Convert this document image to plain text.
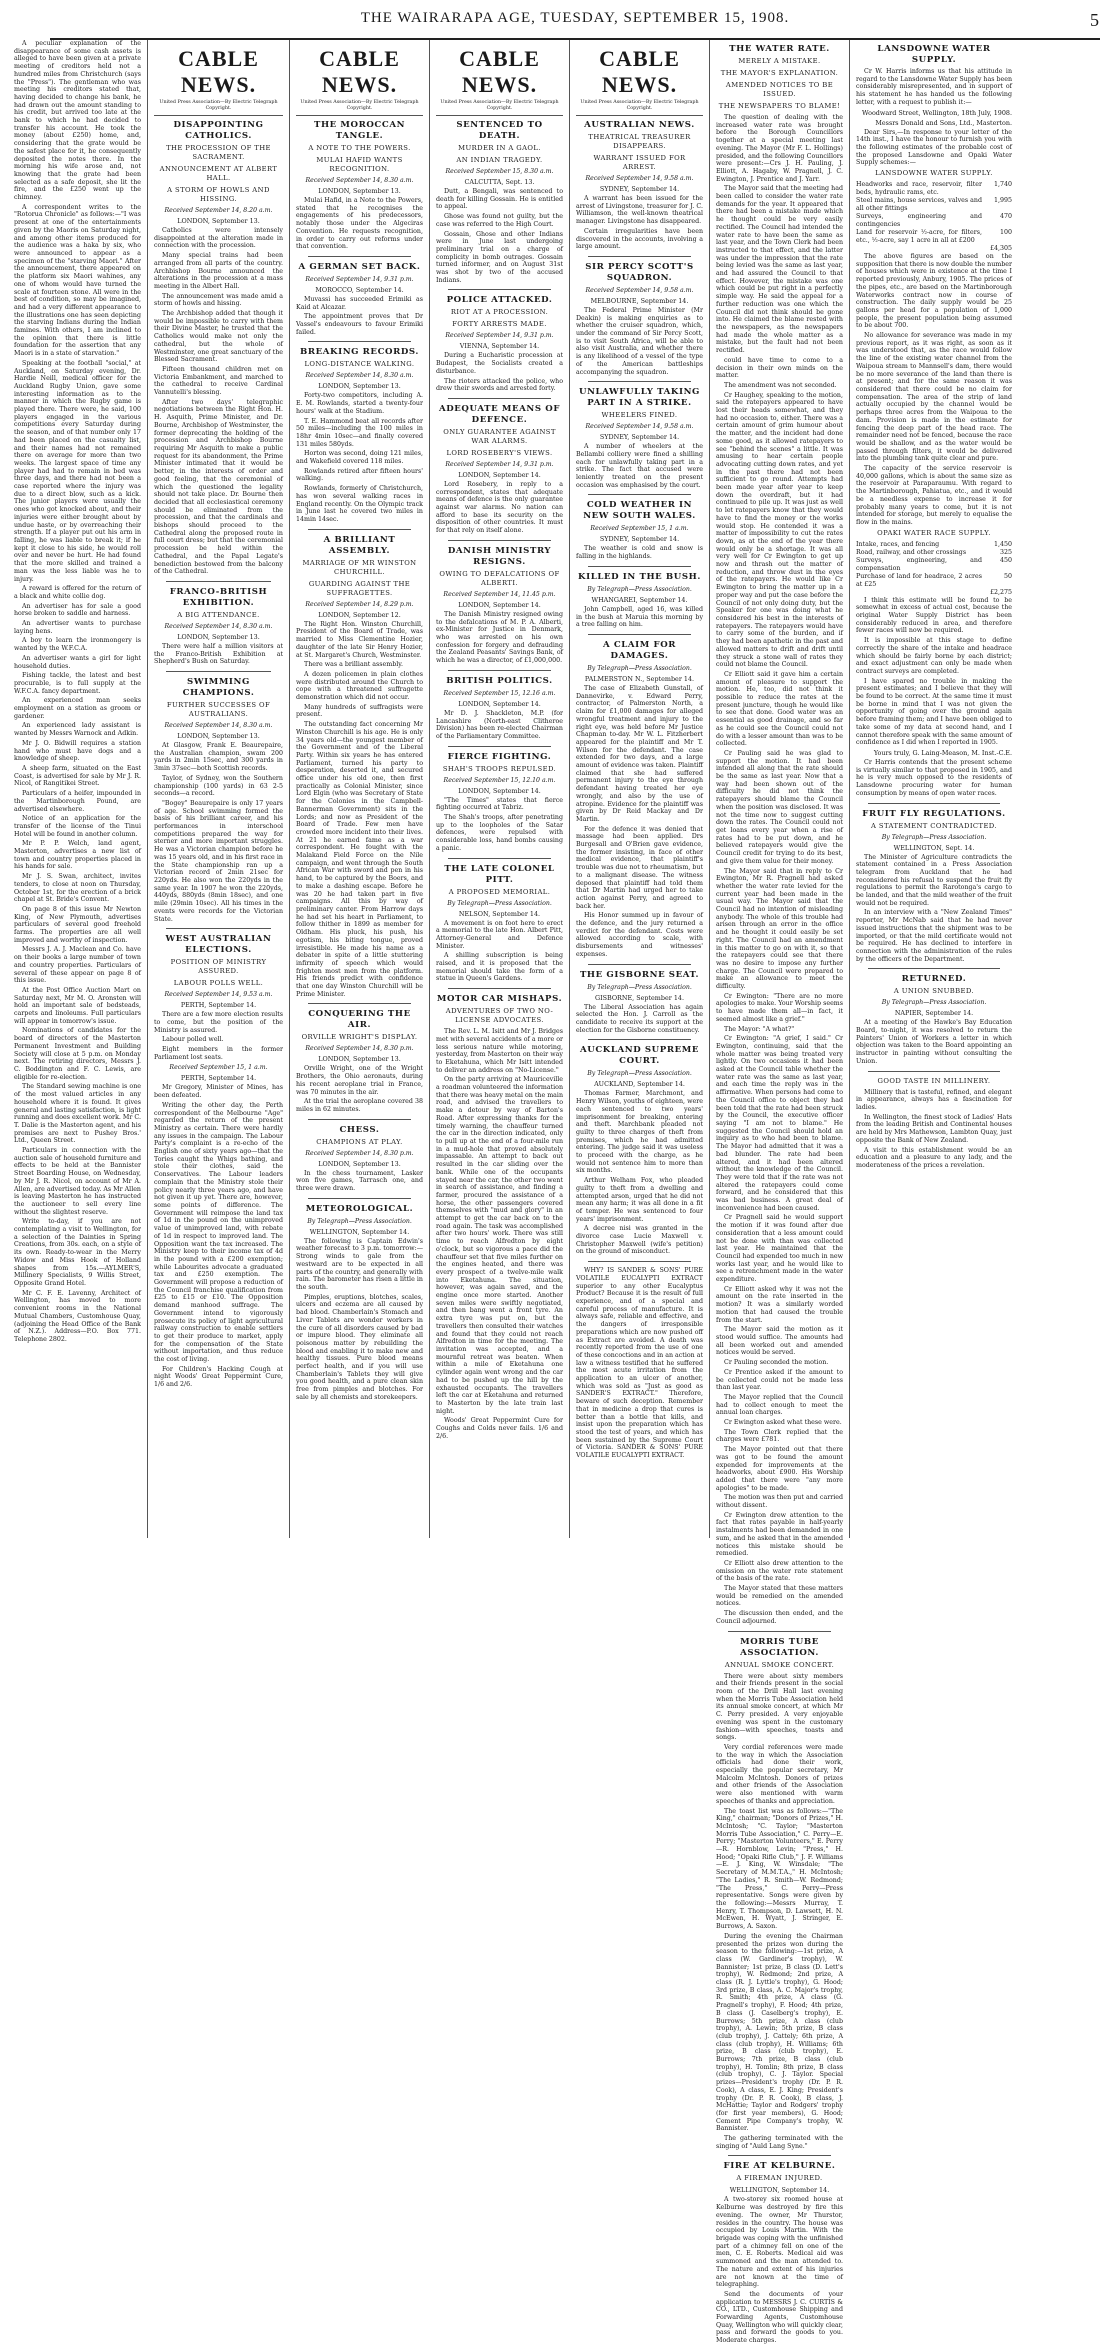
THE WAIRARAPA AGE, TUESDAY, SEPTEMBER 15, 1908.	5

A peculiar explanation of the disappearance of some cash assets is alleged to have been given at a private meeting of creditors held not a hundred miles from Christchurch (says the "Press"). The gentleman who was meeting his creditors stated that, having decided to change his bank, he had drawn out the amount standing to his credit, but arrived too late at the bank to which he had decided to transfer his account. He took the money (about £250) home, and, considering that the grate would be the safest place for it, he consequently deposited the notes there. In the morning his wife arose and, not knowing that the grate had been selected as a safe deposit, she lit the fire, and the £250 went up the chimney.

A correspondent writes to the "Rotorua Chronicle" as follows:—"I was present at one of the entertainments given by the Maoris on Saturday night, and among other items produced for the audience was a haka by six, who were announced to appear as a specimen of the "starving Maori." After the announcement, there appeared on the platform six Maori wahines, any one of whom would have turned the scale at fourteen stone. All were in the best of condition, so may be imagined, and had a very different appearance to the illustrations one has seen depicting the starving Indians during the Indian famines. With others, I am inclined to the opinion that there is little foundation for the assertion that any Maori is in a state of starvation."

Speaking at the football "social," at Auckland, on Saturday evening, Dr. Hardie Neill, medical officer for the Auckland Rugby Union, gave some interesting information as to the manner in which the Rugby game is played there. There were, he said, 100 players engaged in the various competitions every Saturday during the season, and of that number only 17 had been placed on the casualty list, and their names had not remained there on average for more than two weeks. The largest space of time any player had had to remain in bed was three days, and there had not been a case reported where the injury was due to a direct blow, such as a kick. The junior players were usually the ones who got knocked about, and their injuries were either brought about by undue haste, or by overreaching their strength. If a player put out his arm in falling, he was liable to break it; if he kept it close to his side, he would roll over and never be hurt. He had found that the more skilled and trained a man was the less liable was he to injury.

A reward is offered for the return of a black and white collie dog.

An advertiser has for sale a good horse broken to saddle and harness.

An advertiser wants to purchase laying hens.

A boy to learn the ironmongery is wanted by the W.F.C.A.

An advertiser wants a girl for light household duties.

Fishing tackle, the latest and best procurable, is to full supply at the W.F.C.A. fancy department.

An experienced man seeks employment on a station as groom or gardener.

An experienced lady assistant is wanted by Messrs Warnock and Adkin.

Mr J. O. Bidwill requires a station hand who must have dogs and a knowledge of sheep.

A sheep farm, situated on the East Coast, is advertised for sale by Mr J. R. Nicol, of Rangitikei Street.

Particulars of a heifer, impounded in the Martinborough Pound, are advertised elsewhere.

Notice of an application for the transfer of the license of the Tinui Hotel will be found in another column.

Mr P. P. Welch, land agent, Masterton, advertises a new list of town and country properties placed in his hands for sale.

Mr J. S. Swan, architect, invites tenders, to close at noon on Thursday, October 1st, for the erection of a brick chapel at St. Bride's Convent.

On page 8 of this issue Mr Newton King, of New Plymouth, advertises particulars of several good freehold farms. The properties are all well improved and worthy of inspection.

Messrs J. A. J. Maclean and Co. have on their books a large number of town and country properties. Particulars of several of these appear on page 8 of this issue.

At the Post Office Auction Mart on Saturday next, Mr M. O. Aronsten will hold an important sale of bedsteads, carpets and linoleums. Full particulars will appear in tomorrow's issue.

Nominations of candidates for the board of directors of the Masterton Permanent Investment and Building Society will close at 5 p.m. on Monday next. The retiring directors, Messrs J. C. Boddington and F. C. Lewis, are eligible for re-election.

The Standard sewing machine is one of the most valued articles in any household where it is found. It gives general and lasting satisfaction, is light running and does excellent work. Mr C. T. Dalie is the Masterton agent, and his premises are next to Pushey Bros.' Ltd., Queen Street.

Particulars in connection with the auction sale of household furniture and effects to be held at the Bannister Street Boarding House, on Wednesday, by Mr J. R. Nicol, on account of Mr A. Allen, are advertised today. As Mr Allen is leaving Masterton he has instructed the auctioneer to sell every line without the slightest reserve.

Write to-day, if you are not contemplating a visit to Wellington, for a selection of the Dainties in Spring Creations, from 30s. each, on a style of its own. Ready-to-wear in the Merry Widow and Miss Hook of Holland shapes from 15s.—AYLMER'S, Millinery Specialists, 9 Willis Street, Opposite Grand Hotel.

Mr C. F. E. Lavenny, Architect of Wellington, has moved to more convenient rooms in the National Mutual Chambers, Customhouse Quay, (adjoining the Head Office of the Bank of N.Z.). Address—P.O. Box 771. Telephone 2802.

CABLE NEWS.
United Press Association—By Electric Telegraph Copyright.
DISAPPOINTING CATHOLICS.
THE PROCESSION OF THE SACRAMENT.
ANNOUNCEMENT AT ALBERT HALL.
A STORM OF HOWLS AND HISSING.
Received September 14, 8.20 a.m.
LONDON, September 13.

Catholics were intensely disappointed at the alteration made in connection with the procession.

Many special trains had been arranged from all parts of the country. Archbishop Bourne announced the alterations in the procession at a mass meeting in the Albert Hall.

The announcement was made amid a storm of howls and hissing.

The Archbishop added that though it would be impossible to carry with them their Divine Master, he trusted that the Catholics would make not only the cathedral, but the whole of Westminster, one great sanctuary of the Blessed Sacrament.

Fifteen thousand children met on Victoria Embankment, and marched to the cathedral to receive Cardinal Vannutelli's blessing.

After two days' telegraphic negotiations between the Right Hon. H. H. Asquith, Prime Minister, and Dr. Bourne, Archbishop of Westminster, the former deprecating the holding of the procession and Archbishop Bourne requiring Mr Asquith to make a public request for its abandonment, the Prime Minister intimated that it would be better, in the interests of order and good feeling, that the ceremonial of which the questioned the legality should not take place. Dr. Bourne then decided that all ecclesiastical ceremony should be eliminated from the procession, and that the cardinals and bishops should proceed to the Cathedral along the proposed route in full court dress; but that the ceremonial procession be held within the Cathedral, and the Papal Legate's benediction bestowed from the balcony of the Cathedral.

FRANCO-BRITISH EXHIBITION.
A BIG ATTENDANCE.
Received September 14, 8.30 a.m.
LONDON, September 13.

There were half a million visitors at the Franco-British Exhibition at Shepherd's Bush on Saturday.

SWIMMING CHAMPIONS.
FURTHER SUCCESSES OF AUSTRALIANS.
Received September 14, 8.30 a.m.
LONDON, September 13.

At Glasgow, Frank E. Beaurepaire, the Australian champion, swam 200 yards in 2min 15sec, and 300 yards in 3min 37sec—both Scottish records.

Taylor, of Sydney, won the Southern championship (100 yards) in 63 2-5 seconds—a record.

"Bogey" Beaurepaire is only 17 years of age. School swimming formed the basis of his brilliant career, and his performances in interschool competitions prepared the way for sterner and more important struggles. He was a Victorian champion before he was 15 years old, and in his first race in the State championship ran up a Victorian record of 2min 21sec for 220yds. He also won the 220yds in the same year. In 1907 he won the 220yds, 440yds, 880yds (8min 18sec), and one mile (29min 10sec). All his times in the events were records for the Victorian State.

WEST AUSTRALIAN ELECTIONS.
POSITION OF MINISTRY ASSURED.
LABOUR POLLS WELL.
Received September 14, 9.53 a.m.
PERTH, September 14.

There are a few more election results to come, but the position of the Ministry is assured.

Labour polled well.

Eight members in the former Parliament lost seats.

Received September 15, 1 a.m.
PERTH, September 14.

Mr Gregory, Minister of Mines, has been defeated.

Writing the other day, the Perth correspondent of the Melbourne "Age" regarded the return of the present Ministry as certain. There were hardly any issues in the campaign. The Labour Party's complaint is a re-echo of the English one of sixty years ago—that the Tories caught the Whigs bathing, and stole their clothes, said the Conservatives. The Labour leaders complain that the Ministry stole their policy nearly three years ago, and have not given it up yet. There are, however, some points of difference. The Government will reimpose the land tax of 1d in the pound on the unimproved value of unimproved land, with rebate of 1d in respect to improved land. The Opposition want the tax increased. The Ministry keep to their income tax of 4d in the pound with a £200 exemption; while Labourites advocate a graduated tax and £250 exemption. The Government will propose a reduction of the Council franchise qualification from £25 to £15 or £10. The Opposition demand manhood suffrage. The Government intend to vigorously prosecute its policy of light agricultural railway construction to enable settlers to get their produce to market, apply for the compensation of the State without importation, and thus reduce the cost of living.

For Children's Hacking Cough at night Woods' Great Peppermint Cure, 1/6 and 2/6.

CABLE NEWS.
United Press Association—By Electric Telegraph Copyright.
THE MOROCCAN TANGLE.
A NOTE TO THE POWERS.
MULAI HAFID WANTS RECOGNITION.
Received September 14, 8.30 a.m.
LONDON, September 13.

Mulai Hafid, in a Note to the Powers, stated that he recognises the engagements of his predecessors, notably those under the Algeciras Convention. He requests recognition, in order to carry out reforms under that convention.

A GERMAN SET BACK.
Received September 14, 9.31 p.m.
MOROCCO, September 14.

Muvassi has succeeded Erimiki as Kaid at Alcazar.

The appointment proves that Dr Vassel's endeavours to favour Erimiki failed.

BREAKING RECORDS.
LONG-DISTANCE WALKING.
Received September 14, 8.30 a.m.
LONDON, September 13.

Forty-two competitors, including A. E. M. Rowlands, started a twenty-four hours' walk at the Stadium.

T. E. Hammond beat all records after 50 miles—including the 100 miles in 18hr 4min 10sec—and finally covered 131 miles 580yds.

Horton was second, doing 121 miles, and Wakefield covered 118 miles.

Rowlands retired after fifteen hours' walking.

Rowlands, formerly of Christchurch, has won several walking races in England recently. On the Olympic track in June last he covered two miles in 14min 14sec.

A BRILLIANT ASSEMBLY.
MARRIAGE OF MR WINSTON CHURCHILL.
GUARDING AGAINST THE SUFFRAGETTES.
Received September 14, 8.29 p.m.
LONDON, September 12.

The Right Hon. Winston Churchill, President of the Board of Trade, was married to Miss Clementine Hozier, daughter of the late Sir Henry Hozier, at St. Margaret's Church, Westminster.

There was a brilliant assembly.

A dozen policemen in plain clothes were distributed around the Church to cope with a threatened suffragette demonstration which did not occur.

Many hundreds of suffragists were present.

The outstanding fact concerning Mr Winston Churchill is his age. He is only 34 years old—the youngest member of the Government and of the Liberal Party. Within six years he has entered Parliament, turned his party to desperation, deserted it, and secured office under his old one, then first practically as Colonial Minister, since Lord Elgin (who was Secretary of State for the Colonies in the Campbell-Bannerman Government) sits in the Lords; and now as President of the Board of Trade. Few men have crowded more incident into their lives. At 21 he earned fame as a war correspondent. He fought with the Malakand Field Force on the Nile campaign, and went through the South African War with sword and pen in his hand, to be captured by the Boers, and to make a dashing escape. Before he was 20 he had taken part in five campaigns. All this by way of preliminary canter. From Harrow days he had set his heart in Parliament, to follow thither in 1899 as member for Oldham. His pluck, his push, his egotism, his biting tongue, proved irresistible. He made his name as a debater in spite of a little stuttering infirmity of speech which would frighten most men from the platform. His friends predict with confidence that one day Winston Churchill will be Prime Minister.

CONQUERING THE AIR.
ORVILLE WRIGHT'S DISPLAY.
Received September 14, 8.30 p.m.
LONDON, September 13.

Orville Wright, one of the Wright Brothers, the Ohio aeronauts, during his recent aeroplane trial in France, was 70 minutes in the air.

At the trial the aeroplane covered 38 miles in 62 minutes.

CHESS.
CHAMPIONS AT PLAY.
Received September 14, 8.30 p.m.
LONDON, September 13.

In the chess tournament, Lasker won five games, Tarrasch one, and three were drawn.

METEOROLOGICAL.
By Telegraph—Press Association.
WELLINGTON, September 14.

The following is Captain Edwin's weather forecast to 3 p.m. tomorrow:—Strong winds to gale from the westward are to be expected in all parts of the country, and generally with rain. The barometer has risen a little in the south.

Pimples, eruptions, blotches, scales, ulcers and eczema are all caused by bad blood. Chamberlain's Stomach and Liver Tablets are wonder workers in the cure of all disorders caused by bad or impure blood. They eliminate all poisonous matter by rebuilding the blood and enabling it to make new and healthy tissues. Pure blood means perfect health, and if you will use Chamberlain's Tablets they will give you good health, and a pure clean skin free from pimples and blotches. For sale by all chemists and storekeepers.

CABLE NEWS.
United Press Association—By Electric Telegraph Copyright.
SENTENCED TO DEATH.
MURDER IN A GAOL.
AN INDIAN TRAGEDY.
Received September 15, 8.30 a.m.
CALCUTTA, Sept. 13.

Dutt, a Bengali, was sentenced to death for killing Gossain. He is entitled to appeal.

Ghose was found not guilty, but the case was referred to the High Court.

Gossain, Ghose and other Indians were in June last undergoing preliminary trial on a charge of complicity in bomb outrages. Gossain turned informer, and on August 31st was shot by two of the accused Indians.

POLICE ATTACKED.
RIOT AT A PROCESSION.
FORTY ARRESTS MADE.
Received September 14, 9.31 p.m.
VIENNA, September 14.

During a Eucharistic procession at Budapest, the Socialists created a disturbance.

The rioters attacked the police, who drew their swords and arrested forty.

ADEQUATE MEANS OF DEFENCE.
ONLY GUARANTEE AGAINST WAR ALARMS.
LORD ROSEBERY'S VIEWS.
Received September 14, 9.31 p.m.
LONDON, September 14.

Lord Rosebery, in reply to a correspondent, states that adequate means of defence is the only guarantee against war alarms. No nation can afford to base its security on the disposition of other countries. It must for that rely on itself alone.

DANISH MINISTRY RESIGNS.
OWING TO DEFALCATIONS OF ALBERTI.
Received September 14, 11.45 p.m.
LONDON, September 14.

The Danish Ministry resigned owing to the defalcations of M. P. A. Alberti, ex-Minister for Justice in Denmark, who was arrested on his own confession for forgery and defrauding the Zealand Peasants' Savings Bank, of which he was a director, of £1,000,000.

BRITISH POLITICS.
Received September 15, 12.16 a.m.
LONDON, September 14.

Mr D. J. Shackleton, M.P. (for Lancashire (North-east Clitheroe Division) has been re-elected Chairman of the Parliamentary Committee.

FIERCE FIGHTING.
SHAH'S TROOPS REPULSED.
Received September 15, 12.10 a.m.
LONDON, September 14.

"The Times" states that fierce fighting occurred at Tabriz.

The Shah's troops, after penetrating up to the loopholes of the Satar defences, were repulsed with considerable loss, hand bombs causing a panic.

THE LATE COLONEL PITT.
A PROPOSED MEMORIAL.
By Telegraph—Press Association.
NELSON, September 14.

A movement is on foot here to erect a memorial to the late Hon. Albert Pitt, Attorney-General and Defence Minister.

A shilling subscription is being raised, and it is proposed that the memorial should take the form of a statue in Queen's Gardens.

MOTOR CAR MISHAPS.
ADVENTURES OF TWO NO-LICENSE ADVOCATES.

The Rev. L. M. Isitt and Mr J. Bridges met with several accidents of a more or less serious nature while motoring, yesterday, from Masterton on their way to Eketahuna, which Mr Isitt intended to deliver an address on "No-License."

On the party arriving at Mauriceville a roadman volunteered the information that there was heavy metal on the main road, and advised the travellers to make a detour by way of Barton's Road. After expressing thanks for the timely warning, the chauffeur turned the car in the direction indicated, only to pull up at the end of a four-mile run in a mud-hole that proved absolutely impassable. An attempt to back out resulted in the car sliding over the bank. While one of the occupants stayed near the car, the other two went in search of assistance, and finding a farmer, procured the assistance of a horse, the other passengers covered themselves with "mud and glory" in an attempt to get the car back on to the road again. The task was accomplished after two hours' work. There was still time to reach Alfredton by eight o'clock, but so vigorous a pace did the chauffeur set that five miles further on the engines heated, and there was every prospect of a twelve-mile walk into Eketahuna. The situation, however, was again saved, and the engine once more started. Another seven miles were swiftly negotiated, and then bang went a front tyre. An extra tyre was put on, but the travellers then consulted their watches and found that they could not reach Alfredton in time for the meeting. The invitation was accepted, and a mournful retreat was beaten. When within a mile of Eketahuna one cylinder again went wrong and the car had to be pushed up the hill by the exhausted occupants. The travellers left the car at Eketahuna and returned to Masterton by the late train last night.

Woods' Great Peppermint Cure for Coughs and Colds never fails. 1/6 and 2/6.

CABLE NEWS.
United Press Association—By Electric Telegraph Copyright.
AUSTRALIAN NEWS.
THEATRICAL TREASURER DISAPPEARS.
WARRANT ISSUED FOR ARREST.
Received September 14, 9.58 a.m.
SYDNEY, September 14.

A warrant has been issued for the arrest of Livingstone, treasurer for J. C. Williamson, the well-known theatrical manager. Livingstone has disappeared.

Certain irregularities have been discovered in the accounts, involving a large amount.

SIR PERCY SCOTT'S SQUADRON.
Received September 14, 9.58 a.m.
MELBOURNE, September 14.

The Federal Prime Minister (Mr Deakin) is making enquiries as to whether the cruiser squadron, which, under the command of Sir Percy Scott, is to visit South Africa, will be able to also visit Australia, and whether there is any likelihood of a vessel of the type of the American battleships accompanying the squadron.

UNLAWFULLY TAKING PART IN A STRIKE.
WHEELERS FINED.
Received September 14, 9.58 a.m.
SYDNEY, September 14.

A number of wheelers at the Bellambi colliery were fined a shilling each for unlawfully taking part in a strike. The fact that accused were leniently treated on the present occasion was emphasised by the court.

COLD WEATHER IN NEW SOUTH WALES.
Received September 15, 1 a.m.
SYDNEY, September 14.

The weather is cold and snow is falling in the highlands.

KILLED IN THE BUSH.
By Telegraph—Press Association.
WHANGAREI, September 14.

John Campbell, aged 16, was killed in the bush at Maruia this morning by a tree falling on him.

A CLAIM FOR DAMAGES.
By Telegraph—Press Association.
PALMERSTON N., September 14.

The case of Elizabeth Gunstall, of Dannevirke, v. Edward Perry, contractor, of Palmerston North, a claim for £1,000 damages for alleged wrongful treatment and injury to the right eye, was held before Mr Justice Chapman to-day. Mr W. L. Fitzherbert appeared for the plaintiff and Mr T. Wilson for the defendant. The case extended for two days, and a large amount of evidence was taken. Plaintiff claimed that she had suffered permanent injury to the eye through defendant having treated her eye wrongly, and also by the use of atropine. Evidence for the plaintiff was given by Dr Reid Mackay and Dr Martin.

For the defence it was denied that massage had been applied. Drs Burgesall and O'Brien gave evidence, the former insisting, in face of other medical evidence, that plaintiff's trouble was due not to rheumatism, but to a malignant disease. The witness deposed that plaintiff had told them that Dr Martin had urged her to take action against Perry, and agreed to back her.

His Honor summed up in favour of the defence, and the jury returned a verdict for the defendant. Costs were allowed according to scale, with disbursements and witnesses' expenses.

THE GISBORNE SEAT.
By Telegraph—Press Association.
GISBORNE, September 14.

The Liberal Association has again selected the Hon. J. Carroll as the candidate to receive its support at the election for the Gisborne constituency.

AUCKLAND SUPREME COURT.
By Telegraph—Press Association.
AUCKLAND, September 14.

Thomas Farmer, Marchmont, and Henry Wilson, youths of eighteen, were each sentenced to two years' imprisonment for breaking, entering and theft. Marchbank pleaded not guilty to three charges of theft from premises, which he had admitted entering. The judge said it was useless to proceed with the charge, as he would not sentence him to more than six months.

Arthur Welham Fox, who pleaded guilty to theft from a dwelling and attempted arson, urged that he did not mean any harm; it was all done in a fit of temper. He was sentenced to four years' imprisonment.

A decree nisi was granted in the divorce case Lucie Maxwell v. Christopher Maxwell (wife's petition) on the ground of misconduct.

WHY? IS SANDER & SONS' PURE VOLATILE EUCALYPTI EXTRACT superior to any other Eucalyptus Product? Because it is the result of full experience, and of a special and careful process of manufacture. It is always safe, reliable and effective, and the dangers of irresponsible preparations which are now pushed off as Extract are avoided. A death was recently reported from the use of one of these concoctions and in an action at law a witness testified that he suffered the most acute irritation from the application to an ulcer of another, which was sold as "Just as good as SANDER'S EXTRACT." Therefore, beware of such deception. Remember that in medicine a drop that cures is better than a bottle that kills, and insist upon the preparation which has stood the test of years, and which has been sustained by the Supreme Court of Victoria. SANDER & SONS' PURE VOLATILE EUCALYPTI EXTRACT.

THE WATER RATE.
MERELY A MISTAKE.
THE MAYOR'S EXPLANATION.
AMENDED NOTICES TO BE ISSUED.
THE NEWSPAPERS TO BLAME!

The question of dealing with the increased water rate was brought before the Borough Councillors together at a special meeting last evening. The Mayor (Mr F. L. Hollings) presided, and the following Councillors were present:—Crs J. H. Pauling, J. Elliott, A. Hagaby, W. Pragnell, J. C. Ewington, J. Prentice and J. Yarr.

The Mayor said that the meeting had been called to consider the water rate demands for the year. It appeared that there had been a mistake made which he thought could be very easily rectified. The Council had intended the water rate to have been the same as last year, and the Town Clerk had been instructed to that effect, and the latter was under the impression that the rate being levied was the same as last year, and had assured the Council to that effect. However, the mistake was one which could be put right in a perfectly simple way. He said the appeal for a further reduction was one which the Council did not think should be gone into. He claimed the blame rested with the newspapers, as the newspapers had made the whole matter as a mistake, but the fault had not been rectified.

could have time to come to a decision in their own minds on the matter.

The amendment was not seconded.

Cr Haughey, speaking to the motion, said the ratepayers appeared to have lost their heads somewhat, and they had no occasion to, either. There was a certain amount of grim humour about the matter, and the incident had done some good, as it allowed ratepayers to see "behind the scenes" a little. It was amusing to hear certain people advocating cutting down rates, and yet in the past there had not been sufficient to go round. Attempts had been made year after year to keep down the overdraft, but it had continued to pile up. It was just as well to let ratepayers know that they would have to find the money or the works would stop. He contended it was a matter of impossibility to cut the rates down, as at the end of the year there would only be a shortage. It was all very well for Cr Ewington to get up now and thrash out the matter of reduction, and throw dust in the eyes of the ratepayers. He would like Cr Ewington to bring the matter up in a proper way and put the case before the Council of not only doing duty, but the Speaker for one was doing what he considered his best in the interests of ratepayers. The ratepayers would have to carry some of the burden, and if they had been apathetic in the past and allowed matters to drift and drift until they struck a stone wall of rates they could not blame the Council.

Cr Elliott said it gave him a certain amount of pleasure to support the motion. He, too, did not think it possible to reduce the rates at the present juncture, though he would like to see that done. Good water was an essential as good drainage, and so far as he could see the Council could not do with a lesser amount than was to be collected.

Cr Pauling said he was glad to support the motion. It had been intended all along that the rate should be the same as last year. Now that a way had been shown out of the difficulty he did not think the ratepayers should blame the Council when the position was disclosed. It was not the time now to suggest cutting down the rates. The Council could not get loans every year when a rise of rates had to be put down, and he believed ratepayers would give the Council credit for trying to do its best, and give them value for their money.

The Mayor said that in reply to Cr Ewington, Mr R. Pragnell had asked whether the water rate levied for the current year had been made in the usual way. The Mayor said that the Council had no intention of misleading anybody. The whole of this trouble had arisen through an error in the office and he thought it could easily be set right. The Council had an amendment in this matter to go on with it, so that the ratepayers could see that there was no desire to impose any further charge. The Council were prepared to make an allowance to meet the difficulty.

Cr Ewington: "There are no more apologies to make. Your Worship seems to have made them all—in fact, it seemed almost like a grief."

The Mayor: "A what?"

Cr Ewington: "A grief, I said." Cr Ewington, continuing, said that the whole matter was being treated very lightly. On two occasions it had been asked at the Council table whether the water rate was the same as last year, and each time the reply was in the affirmative. When persons had come to the Council office to object they had been told that the rate had been struck by the Council, the executive officer saying "I am not to blame." He suggested the Council should hold an inquiry as to who had been to blame. The Mayor had admitted that it was a bad blunder. The rate had been altered, and it had been altered without the knowledge of the Council. They were told that if the rate was not altered the ratepayers could come forward, and he considered that this was bad business. A great deal of inconvenience had been caused.

Cr Pragnell said he would support the motion if it was found after due consideration that a less amount could not be done with than was collected last year. He maintained that the Council had expended too much in new works last year, and he would like to see a retrenchment made in the water expenditure.

Cr Elliott asked why it was not the amount on the rate inserted in the motion? It was a similarly worded motion that had caused the trouble from the start.

The Mayor said the motion as it stood would suffice. The amounts had all been worked out and amended notices would be served.

Cr Pauling seconded the motion.

Cr Prentice asked if the amount to be collected could not be made less than last year.

The Mayor replied that the Council had to collect enough to meet the annual loan charges.

Cr Ewington asked what these were.

The Town Clerk replied that the charges were £781.

The Mayor pointed out that there was got to be found the amount expended for improvements at the headworks, about £900. His Worship added that there were "any more apologies" to be made.

The motion was then put and carried without dissent.

Cr Ewington drew attention to the fact that rates payable in half-yearly instalments had been demanded in one sum, and he asked that in the amended notices this mistake should be remedied.

Cr Elliott also drew attention to the omission on the water rate statement of the basis of the rate.

The Mayor stated that these matters would be remedied on the amended notices.

The discussion then ended, and the Council adjourned.

MORRIS TUBE ASSOCIATION.
ANNUAL SMOKE CONCERT.

There were about sixty members and their friends present in the social room of the Drill Hall last evening when the Morris Tube Association held its annual smoke concert, at which Mr C. Perry presided. A very enjoyable evening was spent in the customary fashion—with speeches, toasts and songs.

Very cordial references were made to the way in which the Association officials had done their work, especially the popular secretary, Mr Malcolm McIntosh. Donors of prizes and other friends of the Association were also mentioned with warm speeches of thanks and appreciation.

The toast list was as follows:—"The King," chairman; "Donors of Prizes," H. McIntosh; "C. Taylor; "Masterton Morris Tube Association," C. Perry—E. Perry; "Masterton Volunteers," E. Perry—R. Hornblow, Levin; "Press," H. Hood; "Opaki Rifle Club," J. F. Williams—E. J. King, W. Winsdale; "The Secretary of M.M.T.A.," H. McIntosh; "The Ladies," R. Smith—W. Redmond; "The Press," C. Perry—Press representative. Songs were given by the following:—Messrs Murray, T. Henry, T. Thompson, D. Lawsett, H. N. McEwen, H. Wyatt, J. Stringer, E. Burrows, A. Saxon.

During the evening the Chairman presented the prizes won during the season to the following:—1st prize, A class (W. Gardiner's trophy), W. Bannister; 1st prize, B class (D. Lett's trophy), W. Redmond; 2nd prize, A class (R. J. Lyttle's trophy), G. Hood; 3rd prize, B class, A. C. Major's trophy, R. Smith; 4th prize, A class (G. Pragnell's trophy), F. Hood; 4th prize, B class (J. Caselberg's trophy), E. Burrows; 5th prize, A class (club trophy), A. Lewin; 5th prize, B class (club trophy), J. Cattely; 6th prize, A class (club trophy), H. Williams; 6th prize, B class (club trophy), E. Burrows; 7th prize, B class (club trophy), H. Tomlin; 8th prize, B class (club trophy), C. J. Taylor. Special prizes—President's trophy (Dr. P. R. Cook), A class, E. J. King; President's trophy (Dr. P. R. Cook), B class, J. McHattie; Taylor and Rodgers' trophy (for first year members), G. Hood; Cement Pipe Company's trophy, W. Bannister.

The gathering terminated with the singing of "Auld Lang Syne."

FIRE AT KELBURNE.
A FIREMAN INJURED.
WELLINGTON, September 14.

A two-storey six roomed house at Kelburne was destroyed by fire this evening. The owner, Mr Thurstor, resides in the country. The house was occupied by Louis Martin. With the brigade was coping with the unfinished part of a chimney fell on one of the men, C. E. Roberts. Medical aid was summoned and the man attended to. The nature and extent of his injuries are not known at the time of telegraphing.

Send the documents of your application to MESSRS J. C. CURTIS & CO., LTD., Customhouse Shipping and Forwarding Agents, Customhouse Quay, Wellington who will quickly clear, pass and forward the goods to you. Moderate charges.

LANSDOWNE WATER SUPPLY.

Cr W. Harris informs us that his attitude in regard to the Lansdowne Water Supply has been considerably misrepresented, and in support of his statement he has handed us the following letter, with a request to publish it:—

Woodward Street, Wellington, 18th July, 1908.
Messrs Donald and Sons, Ltd., Masterton.

Dear Sirs,—In response to your letter of the 14th inst., I have the honour to furnish you with the following estimates of the probable cost of the proposed Lansdowne and Opaki Water Supply schemes:—

LANSDOWNE WATER SUPPLY.
Headworks and race, reservoir, filter beds, hydraulic rams, etc.
1,740
Steel mains, house services, valves and all other fittings
1,995
Surveys, engineering and contingencies
470
Land for reservoir ½-acre, for filters, etc., ½-acre, say 1 acre in all at £200
100
£4,305

The above figures are based on the supposition that there is now double the number of houses which were in existence at the time I reported previously, Anbury, 1905. The prices of the pipes, etc., are based on the Martinborough Waterworks contract now in course of construction. The daily supply would be 25 gallons per head for a population of 1,000 people, the present population being assumed to be about 700.

No allowance for severance was made in my previous report, as it was right, as soon as it was understood that, as the race would follow the line of the existing water channel from the Waipoua stream to Mannsell's dam, there would be no more severance of the land than there is at present; and for the same reason it was considered that there could be no claim for compensation. The area of the strip of land actually occupied by the channel would be perhaps three acres from the Waipoua to the dam. Provision is made in the estimate for fencing the deep part of the head race. The remainder need not be fenced, because the race would be shallow, and as the water would be passed through filters, it would be delivered into the plumbing tank quite clear and pure.

The capacity of the service reservoir is 40,000 gallons, which is about the same size as the reservoir at Paraparaumu. With regard to the Martinborough, Pahiatua, etc., and it would be a needless expense to increase it for probably many years to come, but it is not intended for storage, but merely to equalise the flow in the mains.

OPAKI WATER RACE SUPPLY.
Intake, races, and fencing	1,450
Road, railway, and other crossings	325
Surveys, engineering, and compensation
450
Purchase of land for headrace, 2 acres at £25
50
£2,275

I think this estimate will be found to be somewhat in excess of actual cost, because the original Water Supply District has been considerably reduced in area, and therefore fewer races will now be required.

It is impossible at this stage to define correctly the share of the intake and headrace which should be fairly borne by each district; and exact adjustment can only be made when contract surveys are completed.

I have spared no trouble in making the present estimates; and I believe that they will be found to be correct. At the same time it must be borne in mind that I was not given the opportunity of going over the ground again before framing them; and I have been obliged to take some of my data at second hand, and I cannot therefore speak with the same amount of confidence as I did when I reported in 1905.

Yours truly, G. Laing-Meason, M. Inst.-C.E.

Cr Harris contends that the present scheme is virtually similar to that proposed in 1905, and he is very much opposed to the residents of Lansdowne procuring water for human consumption by means of open water races.

FRUIT FLY REGULATIONS.
A STATEMENT CONTRADICTED.
By Telegraph—Press Association.
WELLINGTON, Sept. 14.

The Minister of Agriculture contradicts the statement contained in a Press Association telegram from Auckland that he had reconsidered his refusal to suspend the fruit fly regulations to permit the Rarotonga's cargo to be landed, and that the mild weather of the fruit would not be required.

In an interview with a "New Zealand Times" reporter, Mr McNab said that he had never issued instructions that the shipment was to be imported, or that the mild certificate would not be required. He has declined to interfere in connection with the administration of the rules by the officers of the Department.

RETURNED.
A UNION SNUBBED.
By Telegraph—Press Association.
NAPIER, September 14.

At a meeting of the Hawke's Bay Education Board, to-night, it was resolved to return the Painters' Union of Workers a letter in which objection was taken to the Board appointing an instructor in painting without consulting the Union.

GOOD TASTE IN MILLINERY.

Millinery that is tasteful, refined, and elegant in appearance, always has a fascination for ladies.

In Wellington, the finest stock of Ladies' Hats from the leading British and Continental houses are held by Mrs Mathewson, Lambton Quay, just opposite the Bank of New Zealand.

A visit to this establishment would be an education and a pleasure to any lady, and the moderateness of the prices a revelation.
